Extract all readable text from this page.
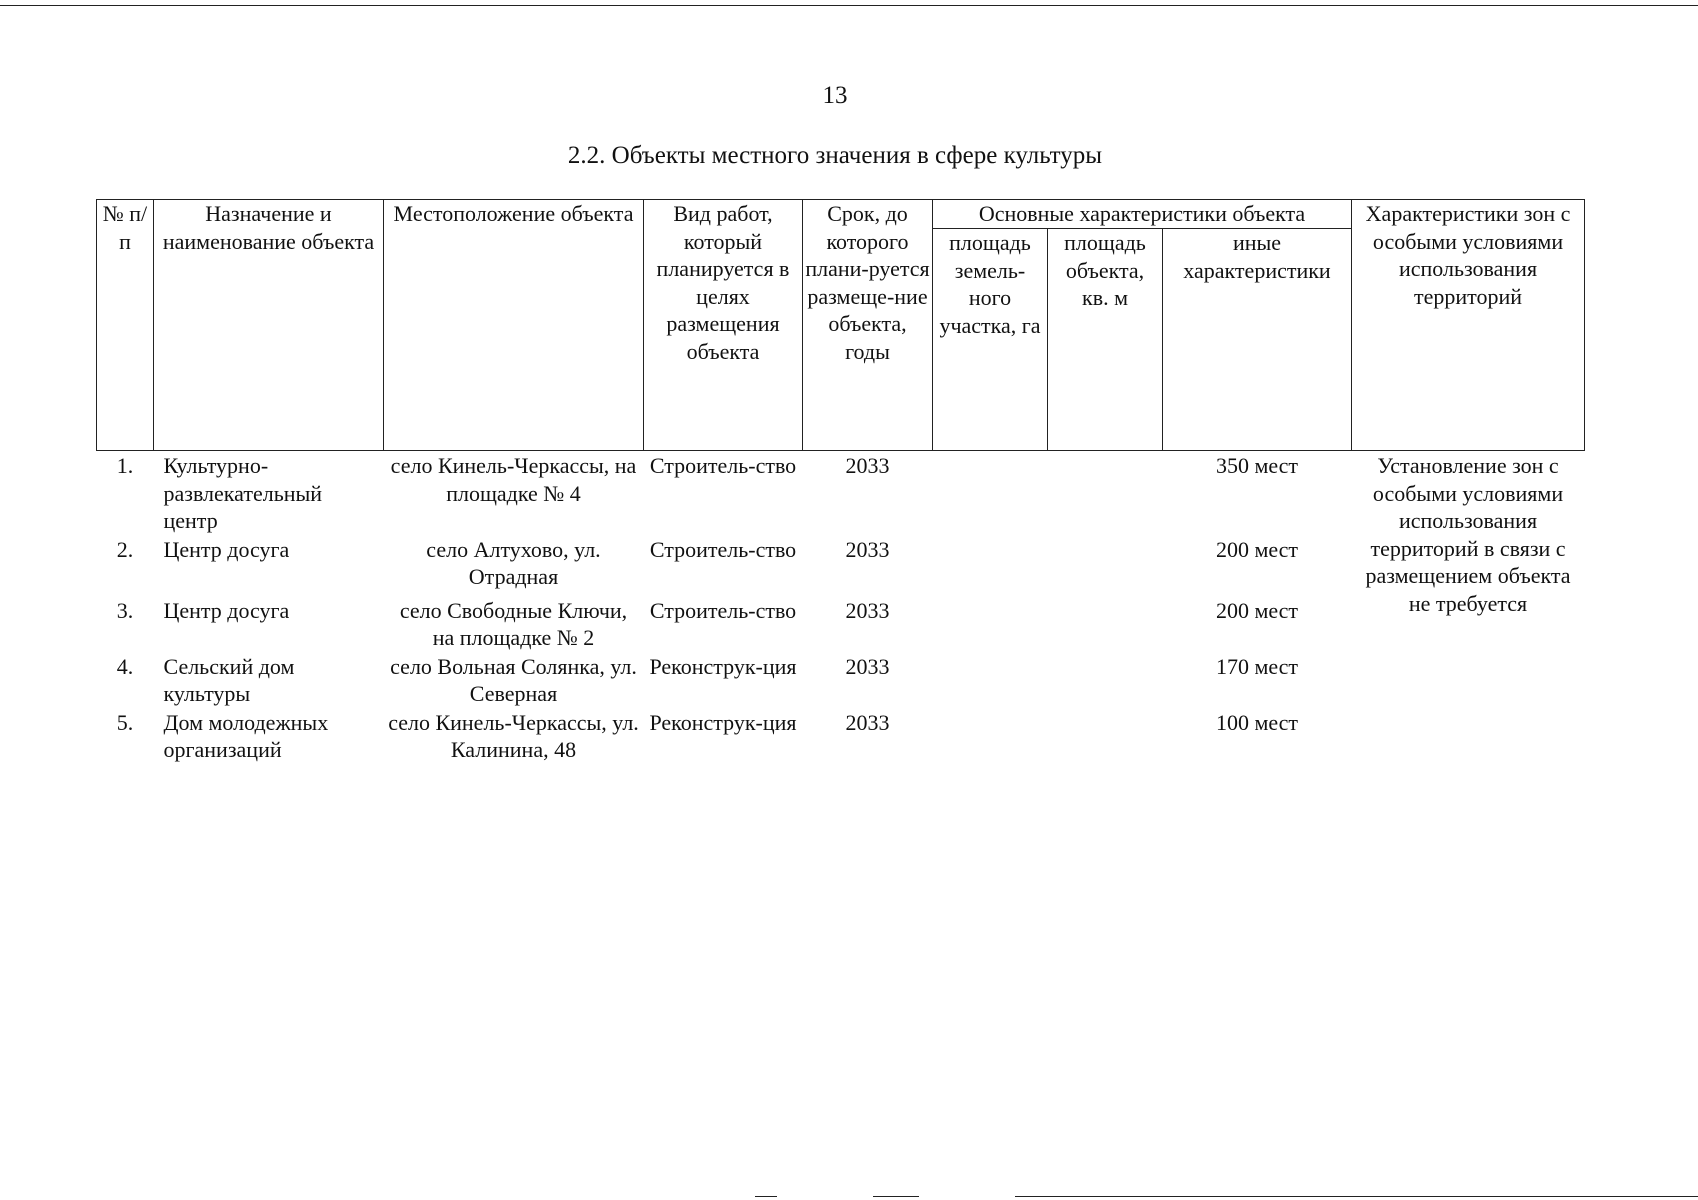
13
2.2. Объекты местного значения в сфере культуры
№ п/п	Назначение и наименование объекта	Местоположение объекта	Вид работ, который планируется в целях размещения объекта	Срок, до которого плани-руется размеще-ние объекта, годы	Основные характеристики объекта			Характеристики зон с особыми условиями использования территорий
					площадь земель-ного участка, га	площадь объекта, кв. м	иные характеристики	
1.	Культурно-развлекательный центр	село Кинель-Черкассы, на площадке № 4	Строитель-ство	2033			350 мест	Установление зон с особыми условиями использования территорий в связи с размещением объекта не требуется
2.	Центр досуга	село Алтухово, ул. Отрадная	Строитель-ство	2033			200 мест	
3.	Центр досуга	село Свободные Ключи, на площадке № 2	Строитель-ство	2033			200 мест	
4.	Сельский дом культуры	село Вольная Солянка, ул. Северная	Реконструк-ция	2033			170 мест	
5.	Дом молодежных организаций	село Кинель-Черкассы, ул. Калинина, 48	Реконструк-ция	2033			100 мест	
